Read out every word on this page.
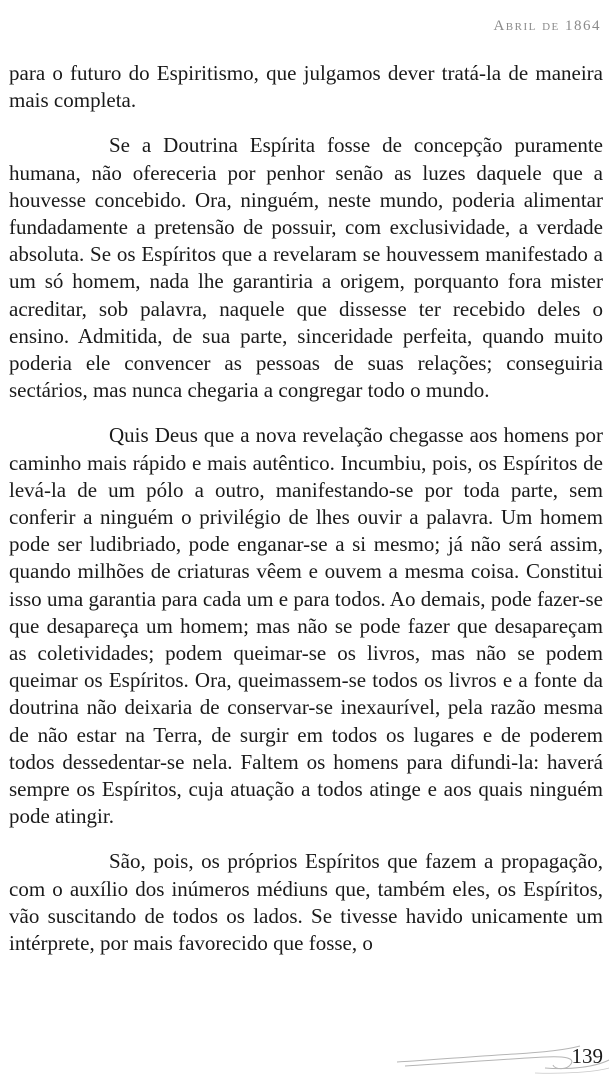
Abril de 1864

para o futuro do Espiritismo, que julgamos dever tratá-la de maneira mais completa.

Se a Doutrina Espírita fosse de concepção puramente humana, não ofereceria por penhor senão as luzes daquele que a houvesse concebido. Ora, ninguém, neste mundo, poderia alimentar fundadamente a pretensão de possuir, com exclusividade, a verdade absoluta. Se os Espíritos que a revelaram se houvessem manifestado a um só homem, nada lhe garantiria a origem, porquanto fora mister acreditar, sob palavra, naquele que dissesse ter recebido deles o ensino. Admitida, de sua parte, sinceridade perfeita, quando muito poderia ele convencer as pessoas de suas relações; conseguiria sectários, mas nunca chegaria a congregar todo o mundo.

Quis Deus que a nova revelação chegasse aos homens por caminho mais rápido e mais autêntico. Incumbiu, pois, os Espíritos de levá-la de um pólo a outro, manifestando-se por toda parte, sem conferir a ninguém o privilégio de lhes ouvir a palavra. Um homem pode ser ludibriado, pode enganar-se a si mesmo; já não será assim, quando milhões de criaturas vêem e ouvem a mesma coisa. Constitui isso uma garantia para cada um e para todos. Ao demais, pode fazer-se que desapareça um homem; mas não se pode fazer que desapareçam as coletividades; podem queimar-se os livros, mas não se podem queimar os Espíritos. Ora, queimassem-se todos os livros e a fonte da doutrina não deixaria de conservar-se inexaurível, pela razão mesma de não estar na Terra, de surgir em todos os lugares e de poderem todos dessedentar-se nela. Faltem os homens para difundi-la: haverá sempre os Espíritos, cuja atuação a todos atinge e aos quais ninguém pode atingir.

São, pois, os próprios Espíritos que fazem a propagação, com o auxílio dos inúmeros médiuns que, também eles, os Espíritos, vão suscitando de todos os lados. Se tivesse havido unicamente um intérprete, por mais favorecido que fosse, o

139
